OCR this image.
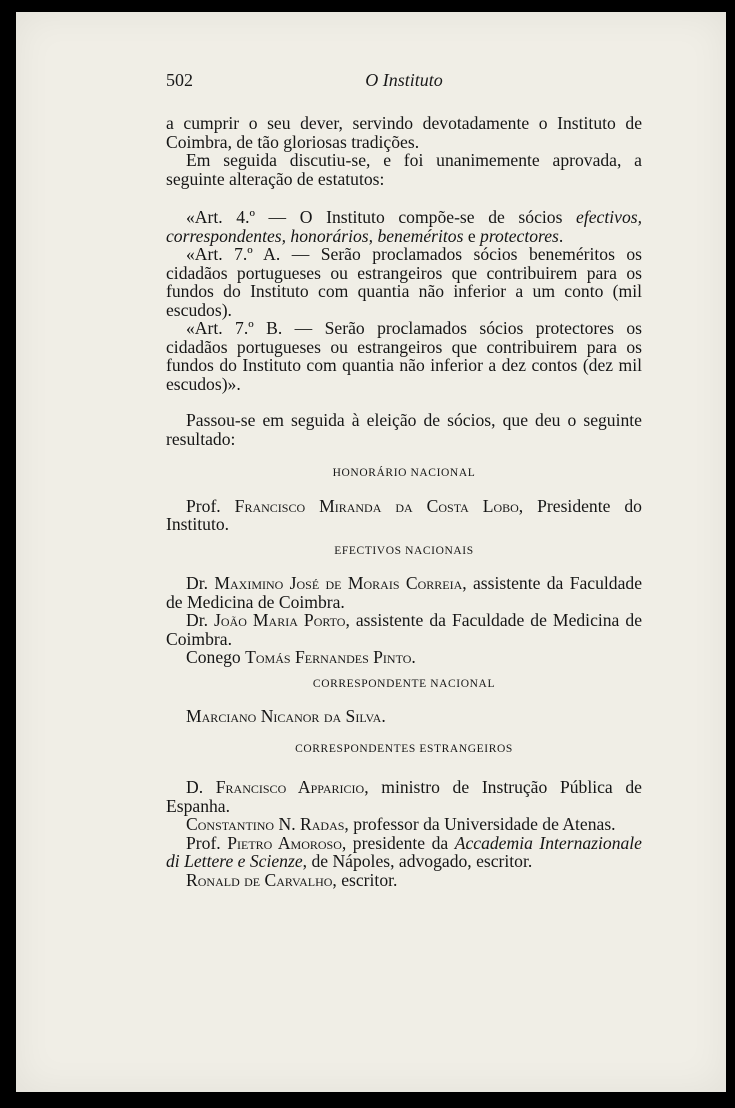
502	O Instituto

a cumprir o seu dever, servindo devotadamente o Instituto de Coimbra, de tão gloriosas tradições.

Em seguida discutiu-se, e foi unanimemente aprovada, a seguinte alteração de estatutos:

«Art. 4.º — O Instituto compõe-se de sócios efectivos, correspondentes, honorários, beneméritos e protectores.

«Art. 7.º A. — Serão proclamados sócios beneméritos os cidadãos portugueses ou estrangeiros que contribuirem para os fundos do Instituto com quantia não inferior a um conto (mil escudos).

«Art. 7.º B. — Serão proclamados sócios protectores os cidadãos portugueses ou estrangeiros que contribuirem para os fundos do Instituto com quantia não inferior a dez contos (dez mil escudos)».

Passou-se em seguida à eleição de sócios, que deu o seguinte resultado:

HONORÁRIO NACIONAL

Prof. Francisco Miranda da Costa Lobo, Presidente do Instituto.

EFECTIVOS NACIONAIS

Dr. Maximino José de Morais Correia, assistente da Faculdade de Medicina de Coimbra.

Dr. João Maria Porto, assistente da Faculdade de Medicina de Coimbra.

Conego Tomás Fernandes Pinto.

CORRESPONDENTE NACIONAL

Marciano Nicanor da Silva.

CORRESPONDENTES ESTRANGEIROS

D. Francisco Apparicio, ministro de Instrução Pública de Espanha.

Constantino N. Radas, professor da Universidade de Atenas.

Prof. Pietro Amoroso, presidente da Accademia Internazionale di Lettere e Scienze, de Nápoles, advogado, escritor.

Ronald de Carvalho, escritor.
